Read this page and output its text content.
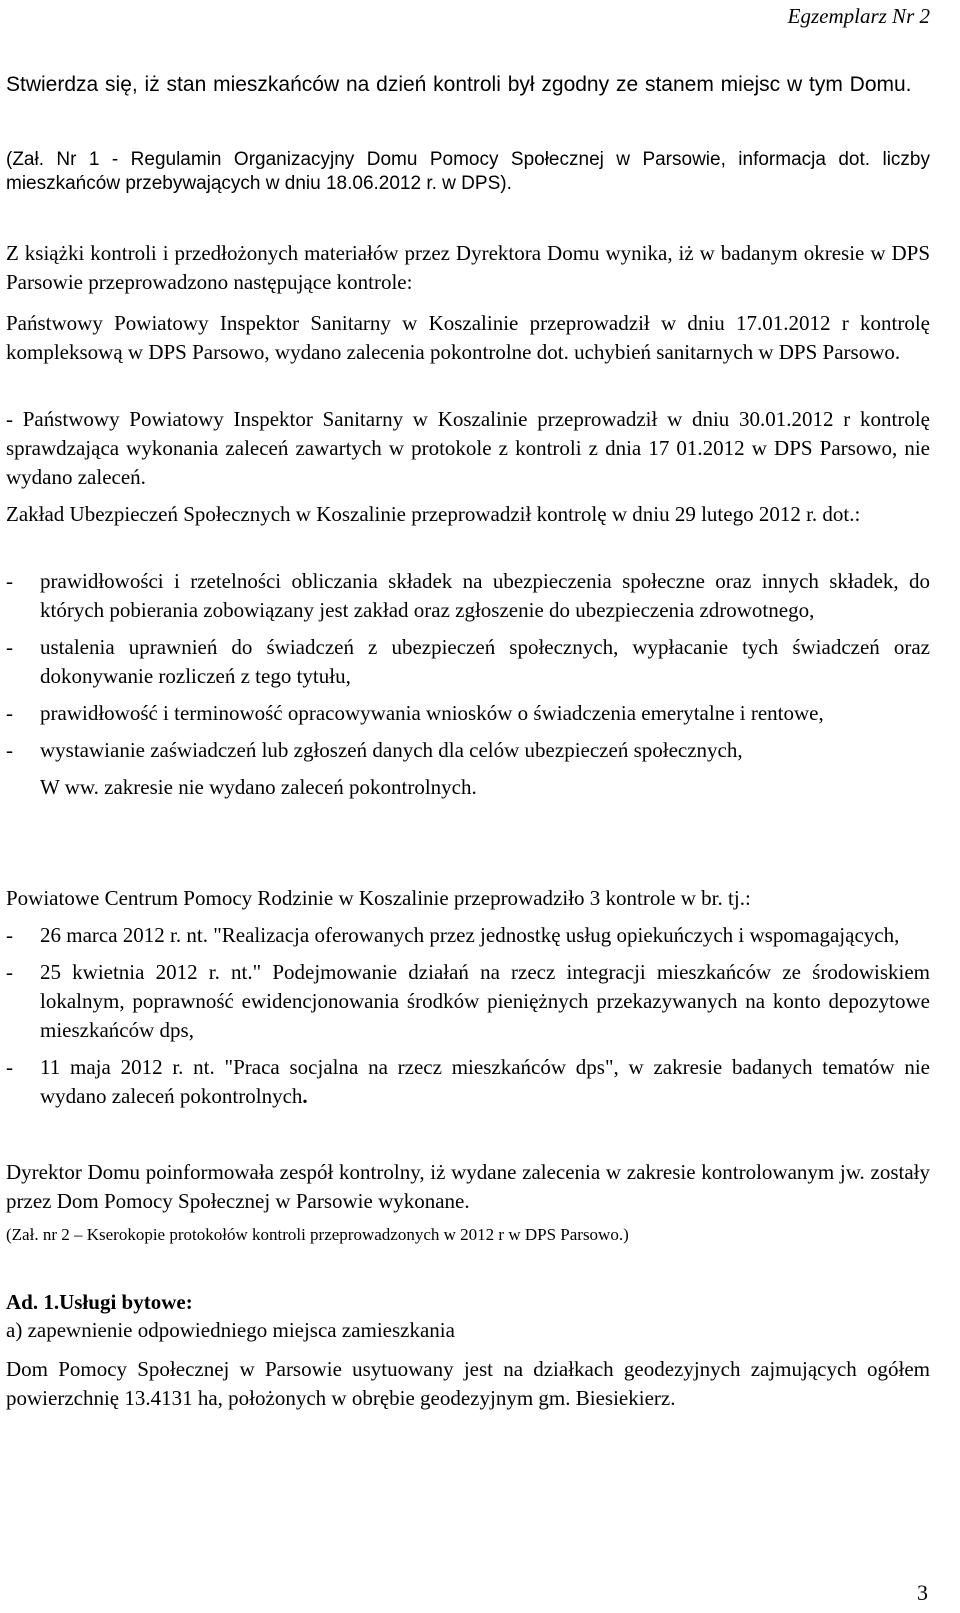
Egzemplarz Nr 2

Stwierdza się, iż stan mieszkańców na dzień kontroli był zgodny ze stanem miejsc w tym Domu.

(Zał. Nr 1 - Regulamin Organizacyjny Domu Pomocy Społecznej w Parsowie, informacja dot. liczby mieszkańców przebywających w dniu 18.06.2012 r. w DPS).

Z książki kontroli i przedłożonych materiałów przez Dyrektora Domu wynika, iż w badanym okresie w DPS Parsowie przeprowadzono następujące kontrole:

Państwowy Powiatowy Inspektor Sanitarny w Koszalinie przeprowadził w dniu 17.01.2012 r kontrolę kompleksową w DPS Parsowo, wydano zalecenia pokontrolne dot. uchybień sanitarnych w DPS Parsowo.

- Państwowy Powiatowy Inspektor Sanitarny w Koszalinie przeprowadził w dniu 30.01.2012 r kontrolę sprawdzająca wykonania zaleceń zawartych w protokole z kontroli z dnia 17 01.2012 w DPS Parsowo, nie wydano zaleceń.

Zakład Ubezpieczeń Społecznych w Koszalinie przeprowadził kontrolę w dniu 29 lutego 2012 r. dot.:

-	prawidłowości i rzetelności obliczania składek na ubezpieczenia społeczne oraz innych składek, do których pobierania zobowiązany jest zakład oraz zgłoszenie do ubezpieczenia zdrowotnego,

-	ustalenia uprawnień do świadczeń z ubezpieczeń społecznych, wypłacanie tych świadczeń oraz dokonywanie rozliczeń z tego tytułu,

-	prawidłowość i terminowość opracowywania wniosków o świadczenia emerytalne i rentowe,

-	wystawianie zaświadczeń lub zgłoszeń danych dla celów ubezpieczeń społecznych,

W ww. zakresie nie wydano zaleceń pokontrolnych.

Powiatowe Centrum Pomocy Rodzinie w Koszalinie przeprowadziło 3 kontrole w br. tj.:

-	26 marca 2012 r. nt. "Realizacja oferowanych przez jednostkę usług opiekuńczych i wspomagających,

-	25 kwietnia 2012 r. nt." Podejmowanie działań na rzecz integracji mieszkańców ze środowiskiem lokalnym, poprawność ewidencjonowania środków pieniężnych przekazywanych na konto depozytowe mieszkańców dps,

-	11 maja 2012 r. nt. "Praca socjalna na rzecz mieszkańców dps", w zakresie badanych tematów nie wydano zaleceń pokontrolnych.

Dyrektor Domu poinformowała zespół kontrolny, iż wydane zalecenia w zakresie kontrolowanym jw. zostały przez Dom Pomocy Społecznej w Parsowie wykonane.

(Zał. nr 2 – Kserokopie protokołów kontroli przeprowadzonych w 2012 r w DPS Parsowo.)

Ad. 1.Usługi bytowe:

a) zapewnienie odpowiedniego miejsca zamieszkania

Dom Pomocy Społecznej w Parsowie usytuowany jest na działkach geodezyjnych zajmujących ogółem powierzchnię 13.4131 ha, położonych w obrębie geodezyjnym gm. Biesiekierz.

3
